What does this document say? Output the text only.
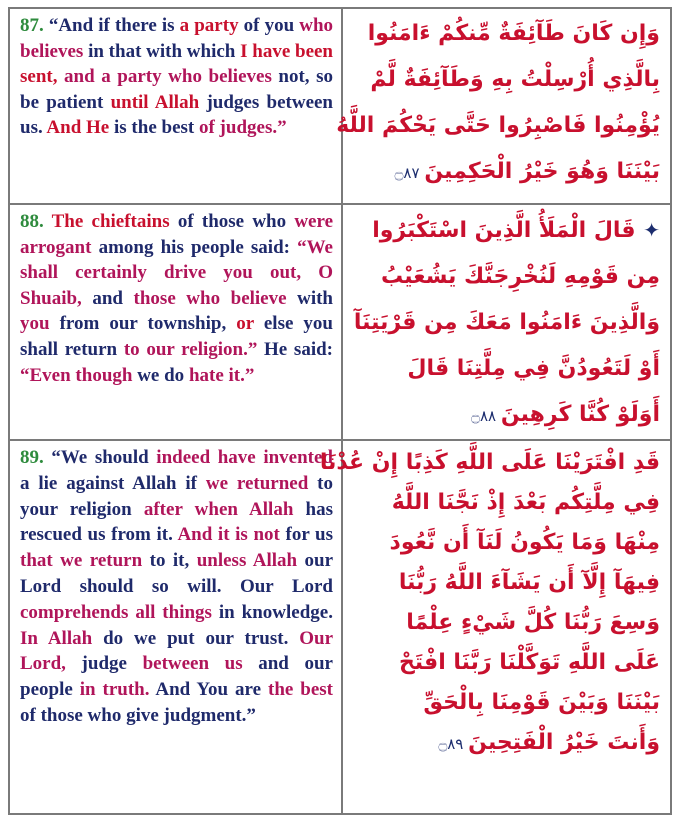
87. “And if there is a party of you who believes in that with which I have been sent, and a party who believes not, so be patient until Allah judges between us. And He is the best of judges.”
وَإِن كَانَ طَآئِفَةٌ مِّنكُمْ ءَامَنُوا
بِالَّذِي أُرْسِلْتُ بِهِ وَطَآئِفَةٌ لَّمْ
يُؤْمِنُوا فَاصْبِرُوا حَتَّى يَحْكُمَ اللَّهُ
بَيْنَنَا وَهُوَ خَيْرُ الْحَكِمِينَ ۝٨٧
88. The chieftains of those who were arrogant among his people said: “We shall certainly drive you out, O Shuaib, and those who believe with you from our township, or else you shall return to our religion.” He said: “Even though we do hate it.”
✦ قَالَ الْمَلَأُ الَّذِينَ اسْتَكْبَرُوا
مِن قَوْمِهِ لَنُخْرِجَنَّكَ يَشُعَيْبُ
وَالَّذِينَ ءَامَنُوا مَعَكَ مِن قَرْيَتِنَآ
أَوْ لَتَعُودُنَّ فِي مِلَّتِنَا قَالَ
أَوَلَوْ كُنَّا كَرِهِينَ ۝٨٨
89. “We should indeed have invented a lie against Allah if we returned to your religion after when Allah has rescued us from it. And it is not for us that we return to it, unless Allah our Lord should so will. Our Lord comprehends all things in knowledge. In Allah do we put our trust. Our Lord, judge between us and our people in truth. And You are the best of those who give judgment.”
قَدِ افْتَرَيْنَا عَلَى اللَّهِ كَذِبًا إِنْ عُدْنَا
فِي مِلَّتِكُم بَعْدَ إِذْ نَجَّنَا اللَّهُ
مِنْهَا وَمَا يَكُونُ لَنَآ أَن نَّعُودَ
فِيهَآ إِلَّآ أَن يَشَآءَ اللَّهُ رَبُّنَا
وَسِعَ رَبُّنَا كُلَّ شَيْءٍ عِلْمًا
عَلَى اللَّهِ تَوَكَّلْنَا رَبَّنَا افْتَحْ
بَيْنَنَا وَبَيْنَ قَوْمِنَا بِالْحَقِّ
وَأَنتَ خَيْرُ الْفَتِحِينَ ۝٨٩
